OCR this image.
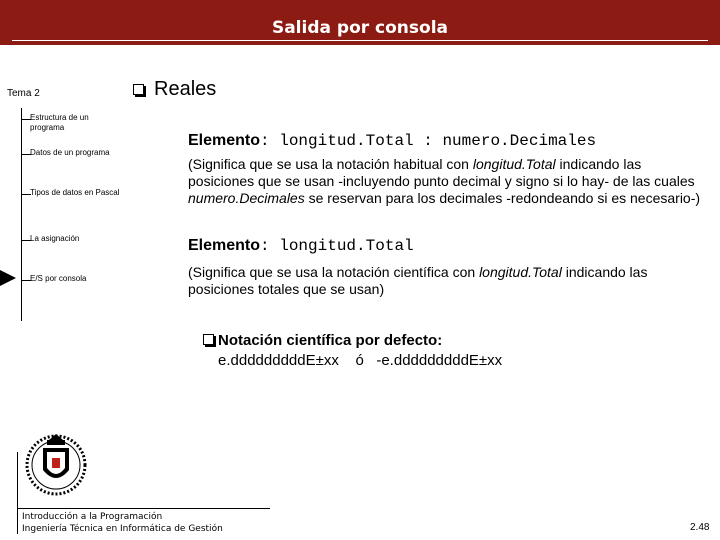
Salida por consola
Tema 2
Estructura de un programa
Datos de un programa
Tipos de datos en Pascal
La asignación
E/S por consola
Reales
Elemento: longitud.Total : numero.Decimales
(Significa que se usa la notación habitual con longitud.Total indicando las posiciones que se usan -incluyendo punto decimal y signo si lo hay- de las cuales numero.Decimales se reservan para los decimales -redondeando si es necesario-)
Elemento: longitud.Total
(Significa que se usa la notación científica con longitud.Total indicando las posiciones totales que se usan)
Notación científica por defecto:
e.dddddddddE±xx    ó   -e.dddddddddE±xx
Introducción a la Programación
Ingeniería Técnica en Informática de Gestión	2.48
